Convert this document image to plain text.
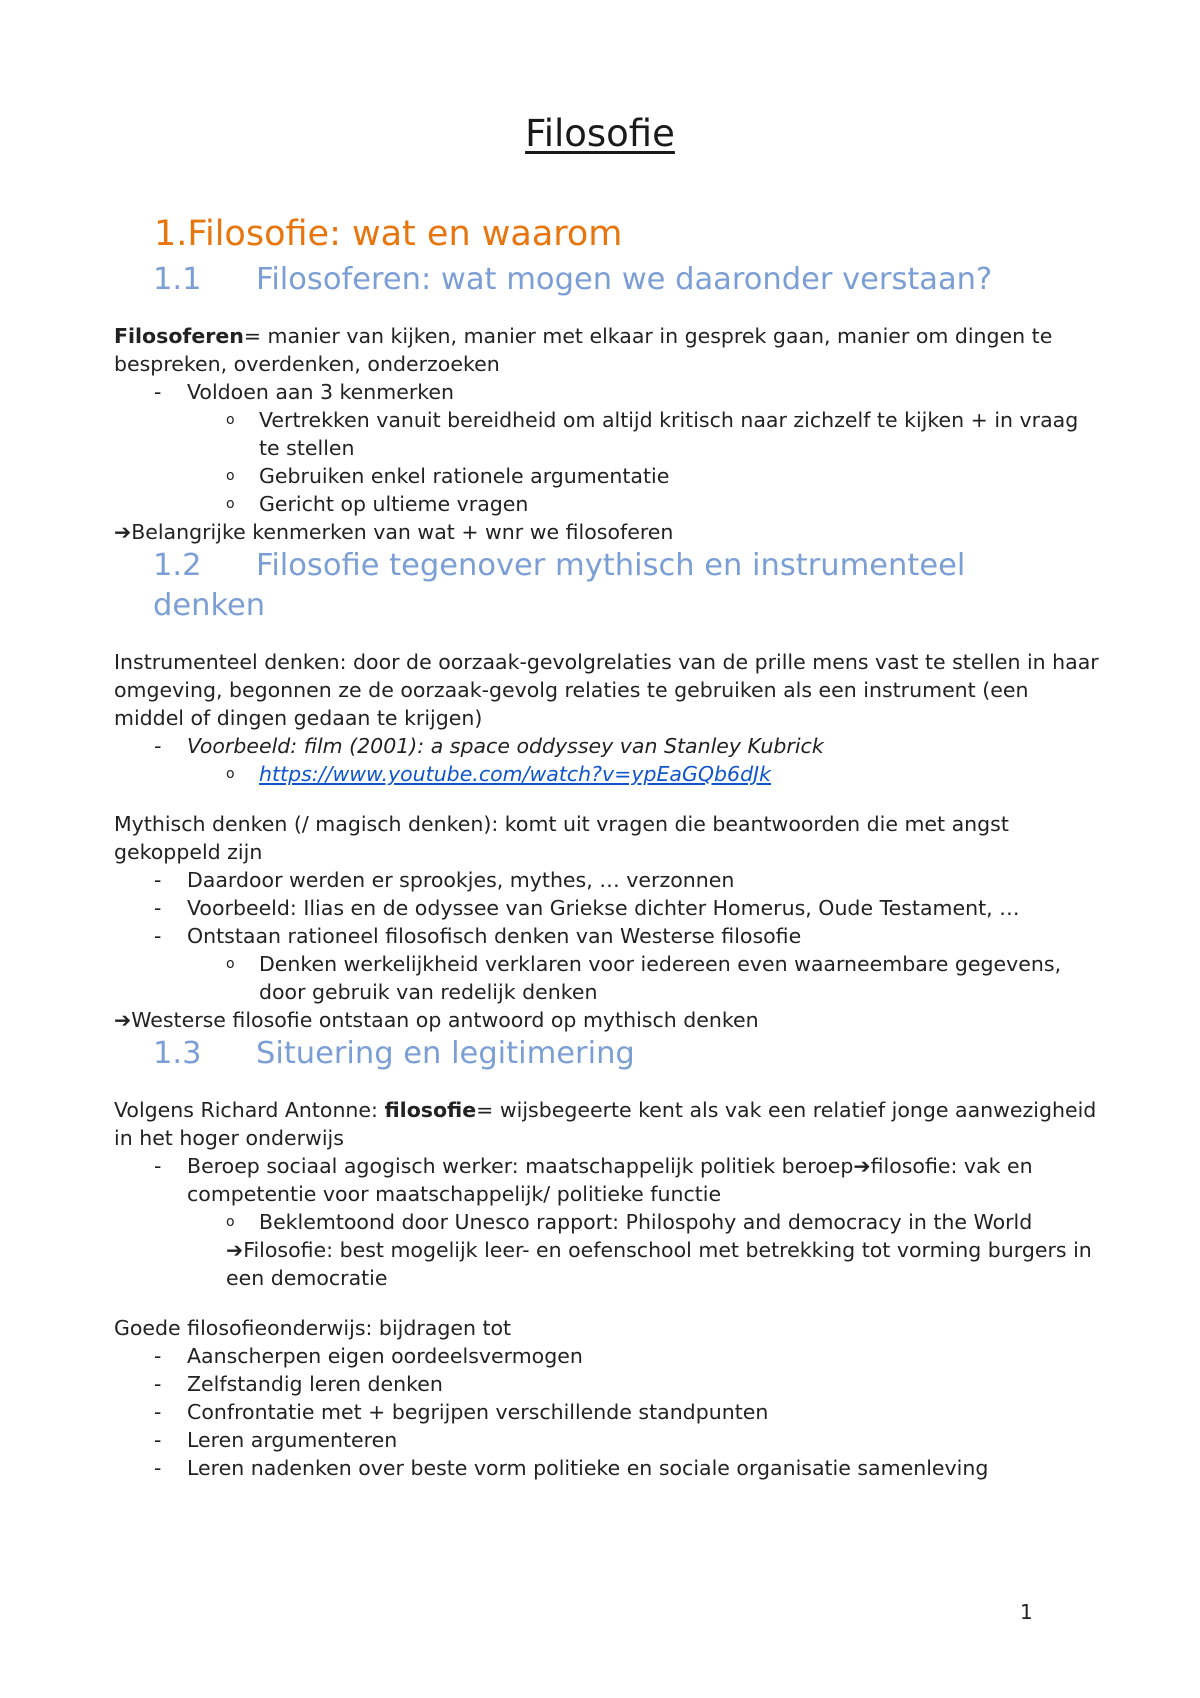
Filosofie
1.Filosofie: wat en waarom
1.1 Filosoferen: wat mogen we daaronder verstaan?

Filosoferen= manier van kijken, manier met elkaar in gesprek gaan, manier om dingen te bespreken, overdenken, onderzoeken

- Voldoen aan 3 kenmerken
o Vertrekken vanuit bereidheid om altijd kritisch naar zichzelf te kijken + in vraag te stellen
o Gebruiken enkel rationele argumentatie
o Gericht op ultieme vragen

➔Belangrijke kenmerken van wat + wnr we filosoferen

1.2 Filosofie tegenover mythisch en instrumenteel
denken

Instrumenteel denken: door de oorzaak-gevolgrelaties van de prille mens vast te stellen in haar omgeving, begonnen ze de oorzaak-gevolg relaties te gebruiken als een instrument (een middel of dingen gedaan te krijgen)

- Voorbeeld: film (2001): a space oddyssey van Stanley Kubrick
o https://www.youtube.com/watch?v=ypEaGQb6dJk

Mythisch denken (/ magisch denken): komt uit vragen die beantwoorden die met angst gekoppeld zijn

- Daardoor werden er sprookjes, mythes, … verzonnen
- Voorbeeld: Ilias en de odyssee van Griekse dichter Homerus, Oude Testament, …
- Ontstaan rationeel filosofisch denken van Westerse filosofie
o Denken werkelijkheid verklaren voor iedereen even waarneembare gegevens, door gebruik van redelijk denken

➔Westerse filosofie ontstaan op antwoord op mythisch denken

1.3 Situering en legitimering

Volgens Richard Antonne: filosofie= wijsbegeerte kent als vak een relatief jonge aanwezigheid in het hoger onderwijs

- Beroep sociaal agogisch werker: maatschappelijk politiek beroep➔filosofie: vak en competentie voor maatschappelijk/ politieke functie
o Beklemtoond door Unesco rapport: Philospohy and democracy in the World

➔Filosofie: best mogelijk leer- en oefenschool met betrekking tot vorming burgers in een democratie

Goede filosofieonderwijs: bijdragen tot

- Aanscherpen eigen oordeelsvermogen
- Zelfstandig leren denken
- Confrontatie met + begrijpen verschillende standpunten
- Leren argumenteren
- Leren nadenken over beste vorm politieke en sociale organisatie samenleving
1
